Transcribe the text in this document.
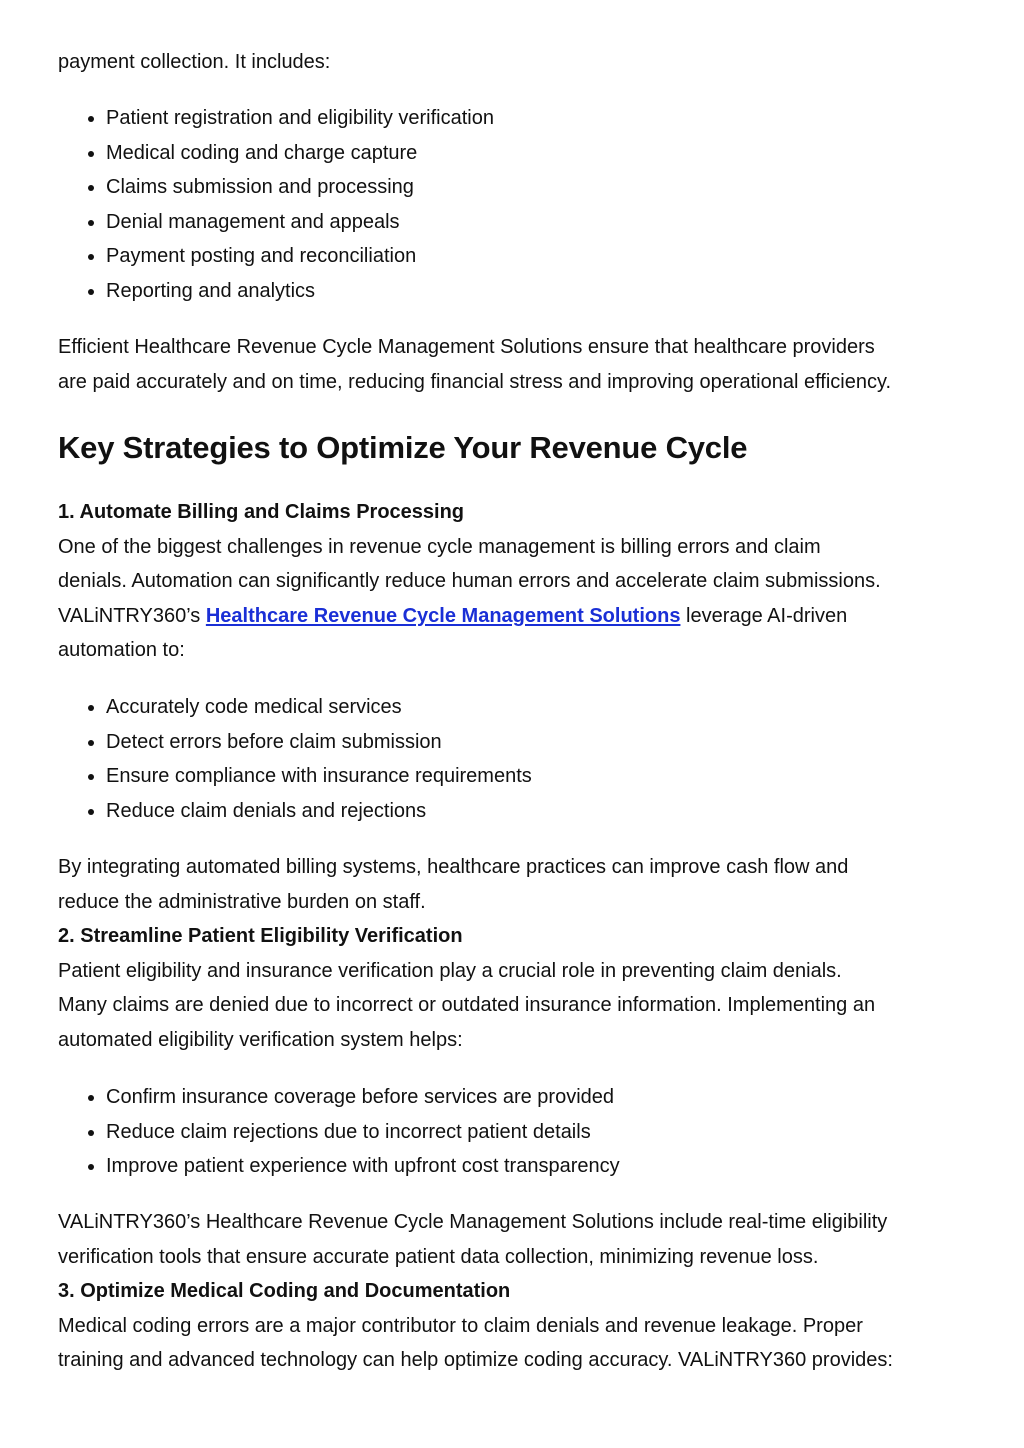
payment collection. It includes:
Patient registration and eligibility verification
Medical coding and charge capture
Claims submission and processing
Denial management and appeals
Payment posting and reconciliation
Reporting and analytics
Efficient Healthcare Revenue Cycle Management Solutions ensure that healthcare providers
are paid accurately and on time, reducing financial stress and improving operational efficiency.
Key Strategies to Optimize Your Revenue Cycle
1. Automate Billing and Claims Processing
One of the biggest challenges in revenue cycle management is billing errors and claim
denials. Automation can significantly reduce human errors and accelerate claim submissions.
VALiNTRY360’s Healthcare Revenue Cycle Management Solutions leverage AI-driven
automation to:
Accurately code medical services
Detect errors before claim submission
Ensure compliance with insurance requirements
Reduce claim denials and rejections
By integrating automated billing systems, healthcare practices can improve cash flow and
reduce the administrative burden on staff.
2. Streamline Patient Eligibility Verification
Patient eligibility and insurance verification play a crucial role in preventing claim denials.
Many claims are denied due to incorrect or outdated insurance information. Implementing an
automated eligibility verification system helps:
Confirm insurance coverage before services are provided
Reduce claim rejections due to incorrect patient details
Improve patient experience with upfront cost transparency
VALiNTRY360’s Healthcare Revenue Cycle Management Solutions include real-time eligibility
verification tools that ensure accurate patient data collection, minimizing revenue loss.
3. Optimize Medical Coding and Documentation
Medical coding errors are a major contributor to claim denials and revenue leakage. Proper
training and advanced technology can help optimize coding accuracy. VALiNTRY360 provides:
